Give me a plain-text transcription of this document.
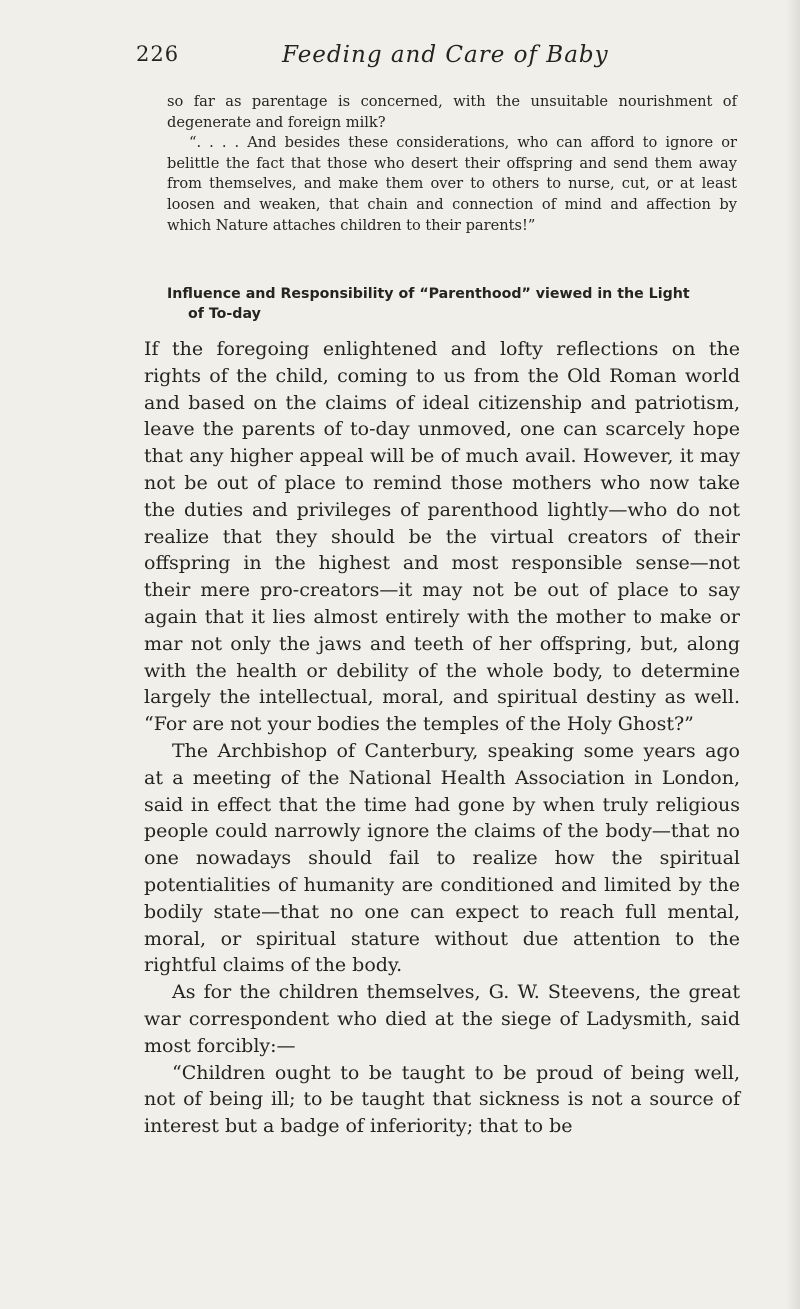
226	Feeding and Care of Baby

so far as parentage is concerned, with the unsuitable nourishment of degenerate and foreign milk?

“. . . . And besides these considerations, who can afford to ignore or belittle the fact that those who desert their offspring and send them away from themselves, and make them over to others to nurse, cut, or at least loosen and weaken, that chain and connection of mind and affection by which Nature attaches children to their parents!”

Influence and Responsibility of “Parenthood” viewed in the Light
of To-day

If the foregoing enlightened and lofty reflections on the rights of the child, coming to us from the Old Roman world and based on the claims of ideal citizenship and patriotism, leave the parents of to-day unmoved, one can scarcely hope that any higher appeal will be of much avail. However, it may not be out of place to remind those mothers who now take the duties and privileges of parenthood lightly—who do not realize that they should be the virtual creators of their offspring in the highest and most responsible sense—not their mere pro-creators—it may not be out of place to say again that it lies almost entirely with the mother to make or mar not only the jaws and teeth of her offspring, but, along with the health or debility of the whole body, to determine largely the intellectual, moral, and spiritual destiny as well. “For are not your bodies the temples of the Holy Ghost?”

The Archbishop of Canterbury, speaking some years ago at a meeting of the National Health Association in London, said in effect that the time had gone by when truly religious people could narrowly ignore the claims of the body—that no one nowadays should fail to realize how the spiritual potentialities of humanity are conditioned and limited by the bodily state—that no one can expect to reach full mental, moral, or spiritual stature without due attention to the rightful claims of the body.

As for the children themselves, G. W. Steevens, the great war correspondent who died at the siege of Ladysmith, said most forcibly:—

“Children ought to be taught to be proud of being well, not of being ill; to be taught that sickness is not a source of interest but a badge of inferiority; that to be
